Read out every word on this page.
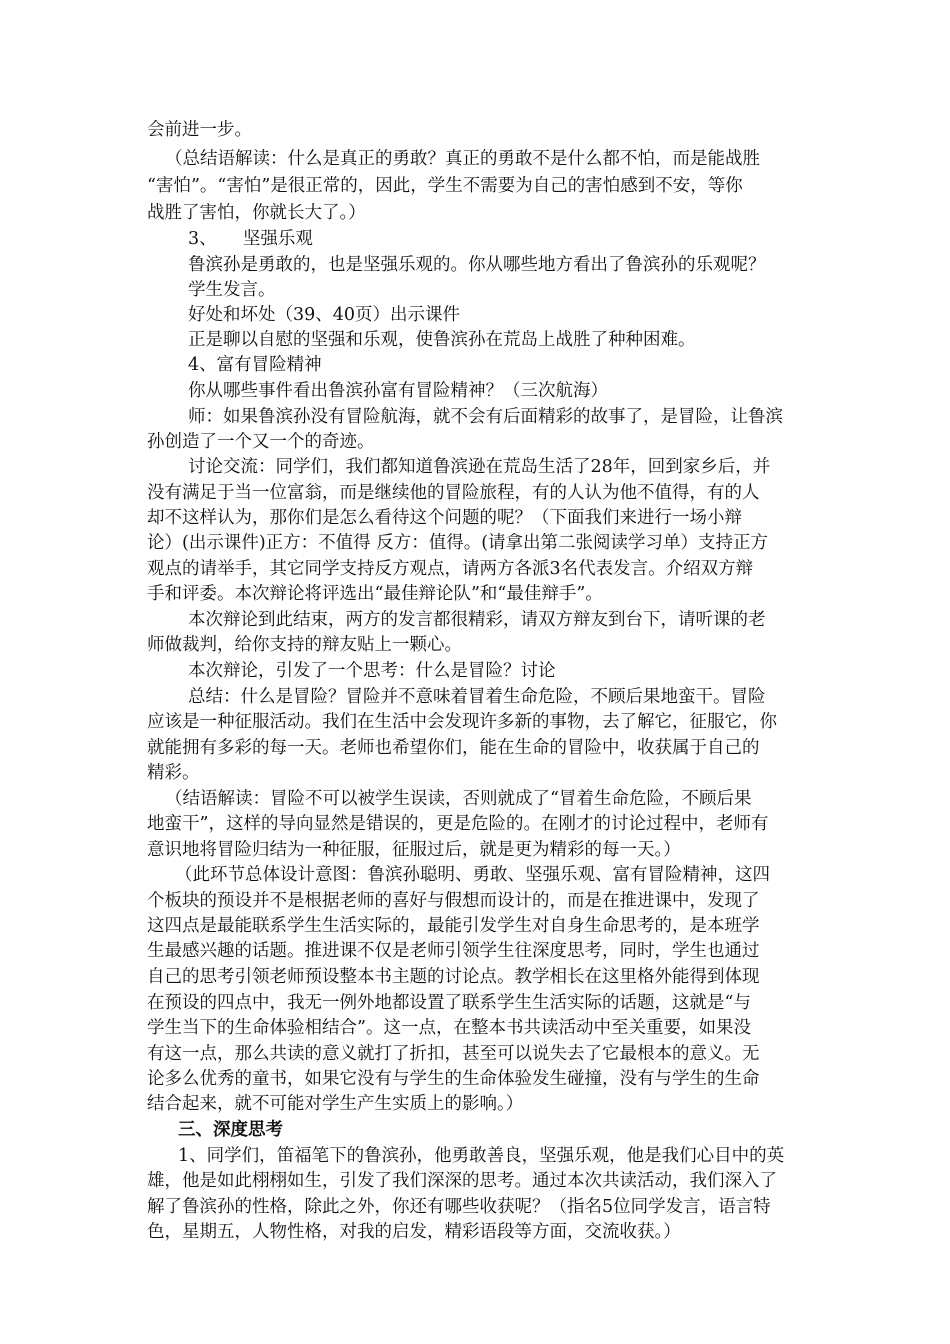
会前进一步。
（总结语解读：什么是真正的勇敢？真正的勇敢不是什么都不怕，而是能战胜
“害怕”。“害怕”是很正常的，因此，学生不需要为自己的害怕感到不安，等你
战胜了害怕，你就长大了。）
3、　　坚强乐观
鲁滨孙是勇敢的，也是坚强乐观的。你从哪些地方看出了鲁滨孙的乐观呢？
学生发言。
好处和坏处（39、40页）出示课件
正是聊以自慰的坚强和乐观，使鲁滨孙在荒岛上战胜了种种困难。
4、富有冒险精神
你从哪些事件看出鲁滨孙富有冒险精神？（三次航海）
师：如果鲁滨孙没有冒险航海，就不会有后面精彩的故事了，是冒险，让鲁滨
孙创造了一个又一个的奇迹。
讨论交流：同学们，我们都知道鲁滨逊在荒岛生活了28年，回到家乡后，并
没有满足于当一位富翁，而是继续他的冒险旅程，有的人认为他不值得，有的人
却不这样认为，那你们是怎么看待这个问题的呢？（下面我们来进行一场小辩
论）(出示课件)正方：不值得 反方：值得。(请拿出第二张阅读学习单）支持正方
观点的请举手，其它同学支持反方观点，请两方各派3名代表发言。介绍双方辩
手和评委。本次辩论将评选出“最佳辩论队”和“最佳辩手”。
本次辩论到此结束，两方的发言都很精彩，请双方辩友到台下，请听课的老
师做裁判，给你支持的辩友贴上一颗心。
本次辩论，引发了一个思考：什么是冒险？讨论
总结：什么是冒险？冒险并不意味着冒着生命危险，不顾后果地蛮干。冒险
应该是一种征服活动。我们在生活中会发现许多新的事物，去了解它，征服它，你
就能拥有多彩的每一天。老师也希望你们，能在生命的冒险中，收获属于自己的
精彩。
（结语解读：冒险不可以被学生误读，否则就成了“冒着生命危险，不顾后果
地蛮干”，这样的导向显然是错误的，更是危险的。在刚才的讨论过程中，老师有
意识地将冒险归结为一种征服，征服过后，就是更为精彩的每一天。）
（此环节总体设计意图：鲁滨孙聪明、勇敢、坚强乐观、富有冒险精神，这四
个板块的预设并不是根据老师的喜好与假想而设计的，而是在推进课中，发现了
这四点是最能联系学生生活实际的，最能引发学生对自身生命思考的，是本班学
生最感兴趣的话题。推进课不仅是老师引领学生往深度思考，同时，学生也通过
自己的思考引领老师预设整本书主题的讨论点。教学相长在这里格外能得到体现
在预设的四点中，我无一例外地都设置了联系学生生活实际的话题，这就是“与
学生当下的生命体验相结合”。这一点，在整本书共读活动中至关重要，如果没
有这一点，那么共读的意义就打了折扣，甚至可以说失去了它最根本的意义。无
论多么优秀的童书，如果它没有与学生的生命体验发生碰撞，没有与学生的生命
结合起来，就不可能对学生产生实质上的影响。）
三、深度思考
1、同学们，笛福笔下的鲁滨孙，他勇敢善良，坚强乐观，他是我们心目中的英
雄，他是如此栩栩如生，引发了我们深深的思考。通过本次共读活动，我们深入了
解了鲁滨孙的性格，除此之外，你还有哪些收获呢？（指名5位同学发言，语言特
色，星期五，人物性格，对我的启发，精彩语段等方面，交流收获。）
